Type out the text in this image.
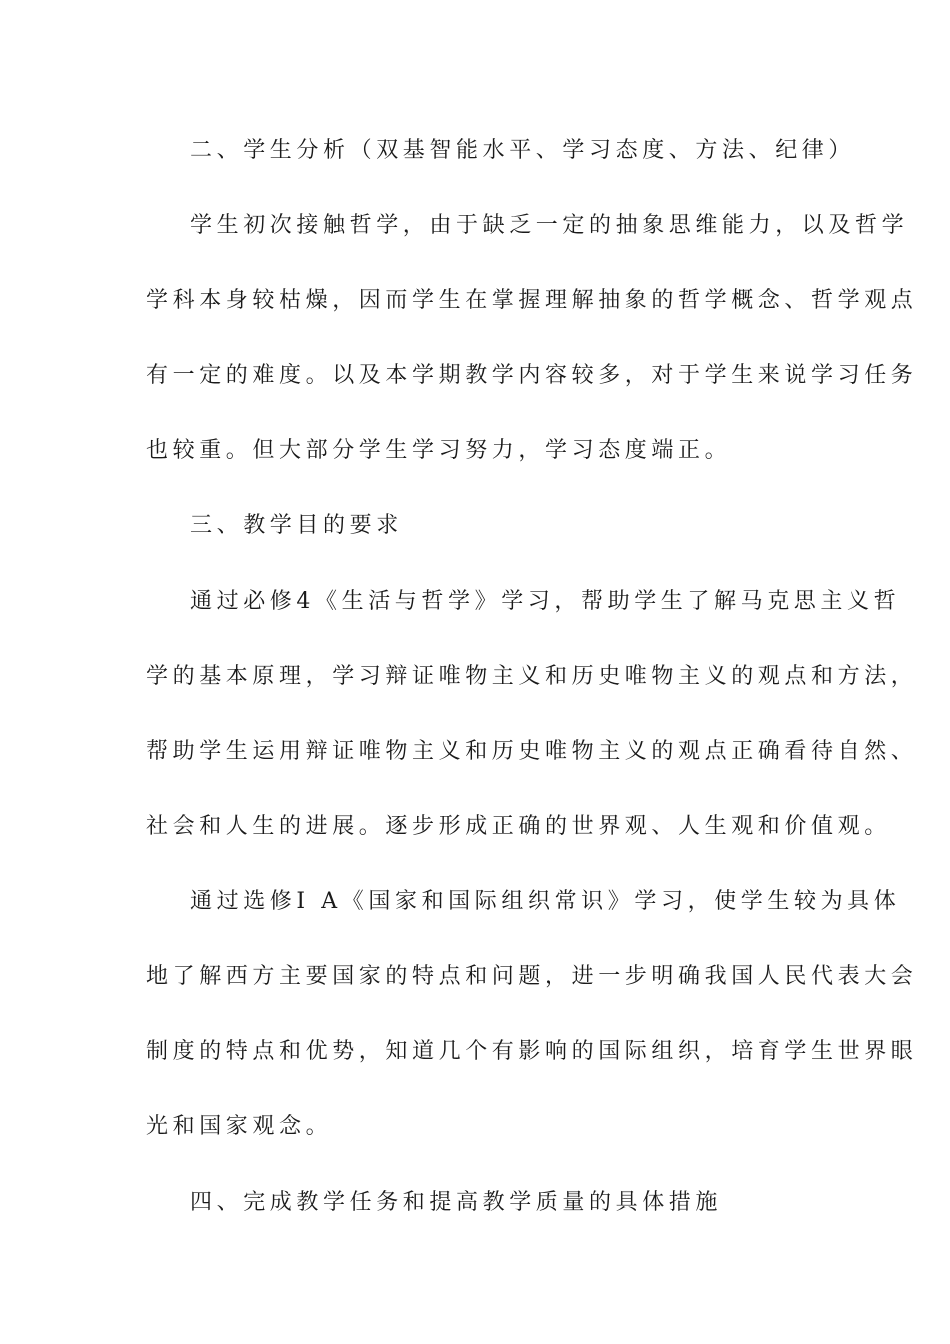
二、学生分析（双基智能水平、学习态度、方法、纪律）
学生初次接触哲学，由于缺乏一定的抽象思维能力，以及哲学
学科本身较枯燥，因而学生在掌握理解抽象的哲学概念、哲学观点
有一定的难度。以及本学期教学内容较多，对于学生来说学习任务
也较重。但大部分学生学习努力，学习态度端正。
三、教学目的要求
通过必修4《生活与哲学》学习，帮助学生了解马克思主义哲
学的基本原理，学习辩证唯物主义和历史唯物主义的观点和方法，
帮助学生运用辩证唯物主义和历史唯物主义的观点正确看待自然、
社会和人生的进展。逐步形成正确的世界观、人生观和价值观。
通过选修Ⅰ A《国家和国际组织常识》学习，使学生较为具体
地了解西方主要国家的特点和问题，进一步明确我国人民代表大会
制度的特点和优势，知道几个有影响的国际组织，培育学生世界眼
光和国家观念。
四、完成教学任务和提高教学质量的具体措施
